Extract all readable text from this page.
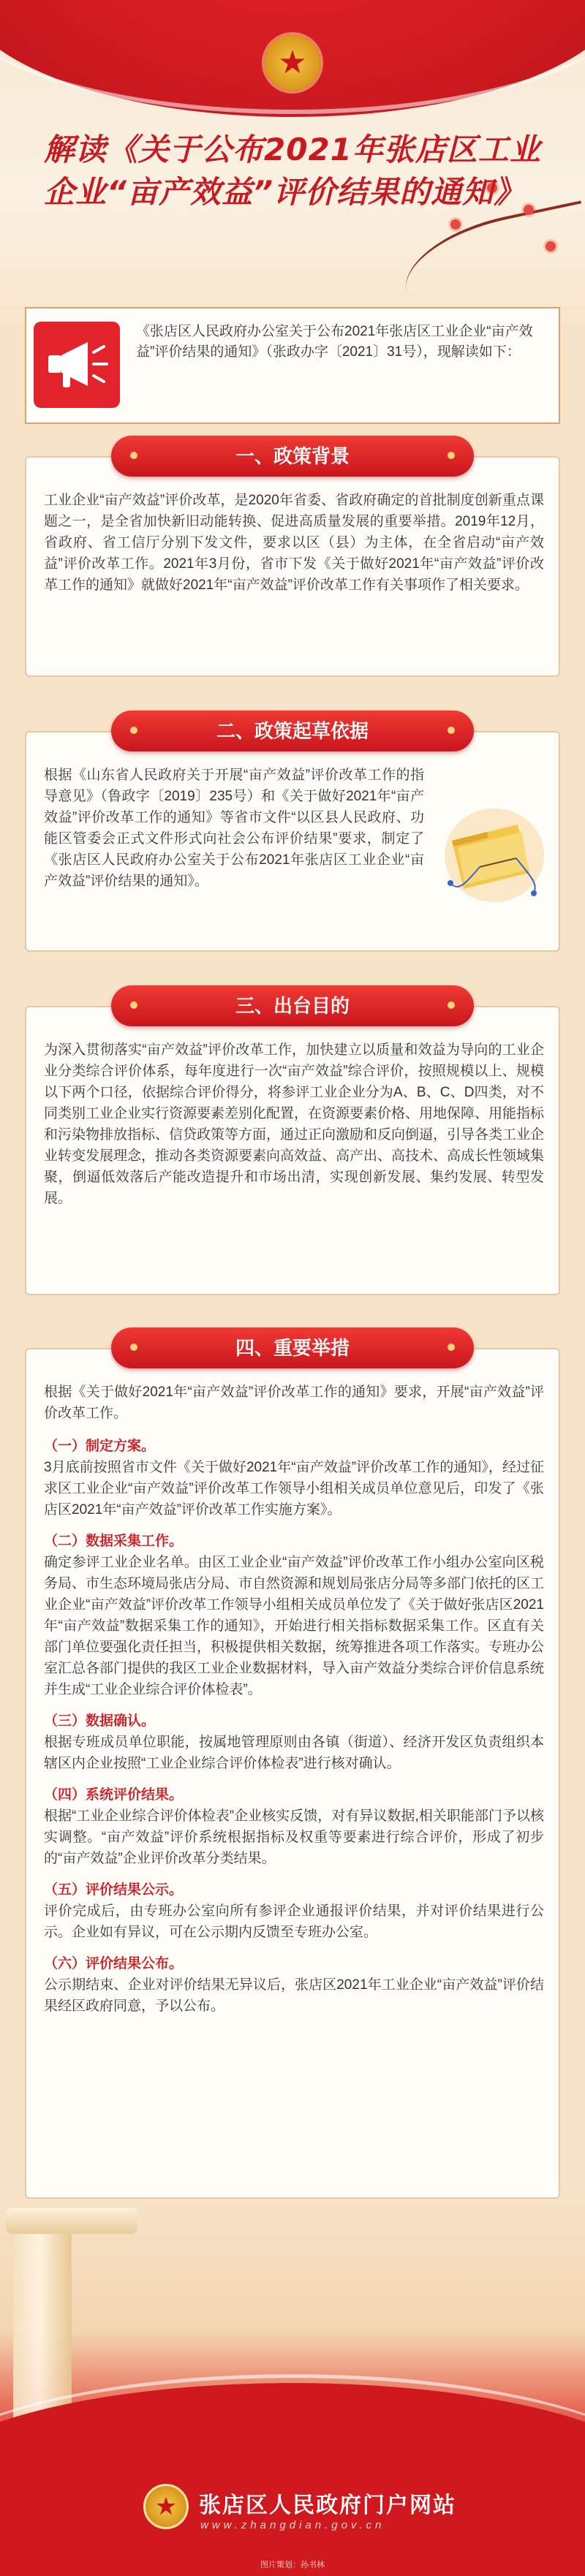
★
解读《关于公布2021年张店区工业企业“亩产效益”评价结果的通知》

《张店区人民政府办公室关于公布2021年张店区工业企业“亩产效益”评价结果的通知》（张政办字〔2021〕31号），现解读如下：

一、政策背景

工业企业“亩产效益”评价改革，是2020年省委、省政府确定的首批制度创新重点课题之一，是全省加快新旧动能转换、促进高质量发展的重要举措。2019年12月，省政府、省工信厅分别下发文件，要求以区（县）为主体，在全省启动“亩产效益”评价改革工作。2021年3月份，省市下发《关于做好2021年“亩产效益”评价改革工作的通知》就做好2021年“亩产效益”评价改革工作有关事项作了相关要求。

二、政策起草依据

根据《山东省人民政府关于开展“亩产效益”评价改革工作的指导意见》（鲁政字〔2019〕235号）和《关于做好2021年“亩产效益”评价改革工作的通知》等省市文件“以区县人民政府、功能区管委会正式文件形式向社会公布评价结果”要求，制定了《张店区人民政府办公室关于公布2021年张店区工业企业“亩产效益”评价结果的通知》。

三、出台目的

为深入贯彻落实“亩产效益”评价改革工作，加快建立以质量和效益为导向的工业企业分类综合评价体系，每年度进行一次“亩产效益”综合评价，按照规模以上、规模以下两个口径，依据综合评价得分，将参评工业企业分为A、B、C、D四类，对不同类别工业企业实行资源要素差别化配置，在资源要素价格、用地保障、用能指标和污染物排放指标、信贷政策等方面，通过正向激励和反向倒逼，引导各类工业企业转变发展理念，推动各类资源要素向高效益、高产出、高技术、高成长性领域集聚，倒逼低效落后产能改造提升和市场出清，实现创新发展、集约发展、转型发展。

四、重要举措

根据《关于做好2021年“亩产效益”评价改革工作的通知》要求，开展“亩产效益”评价改革工作。

（一）制定方案。

3月底前按照省市文件《关于做好2021年“亩产效益”评价改革工作的通知》，经过征求区工业企业“亩产效益”评价改革工作领导小组相关成员单位意见后，印发了《张店区2021年“亩产效益”评价改革工作实施方案》。

（二）数据采集工作。

确定参评工业企业名单。由区工业企业“亩产效益”评价改革工作小组办公室向区税务局、市生态环境局张店分局、市自然资源和规划局张店分局等多部门依托的区工业企业“亩产效益”评价改革工作领导小组相关成员单位发了《关于做好张店区2021年“亩产效益”数据采集工作的通知》，开始进行相关指标数据采集工作。区直有关部门单位要强化责任担当，积极提供相关数据，统筹推进各项工作落实。专班办公室汇总各部门提供的我区工业企业数据材料，导入亩产效益分类综合评价信息系统并生成“工业企业综合评价体检表”。

（三）数据确认。

根据专班成员单位职能，按属地管理原则由各镇（街道）、经济开发区负责组织本辖区内企业按照“工业企业综合评价体检表”进行核对确认。

（四）系统评价结果。

根据“工业企业综合评价体检表”企业核实反馈，对有异议数据,相关职能部门予以核实调整。“亩产效益”评价系统根据指标及权重等要素进行综合评价，形成了初步的“亩产效益”企业评价改革分类结果。

（五）评价结果公示。

评价完成后，由专班办公室向所有参评企业通报评价结果，并对评价结果进行公示。企业如有异议，可在公示期内反馈至专班办公室。

（六）评价结果公布。

公示期结束、企业对评价结果无异议后，张店区2021年工业企业“亩产效益”评价结果经区政府同意，予以公布。

★ 张店区人民政府门户网站

www.zhangdian.gov.cn

图片策划：孙书林
